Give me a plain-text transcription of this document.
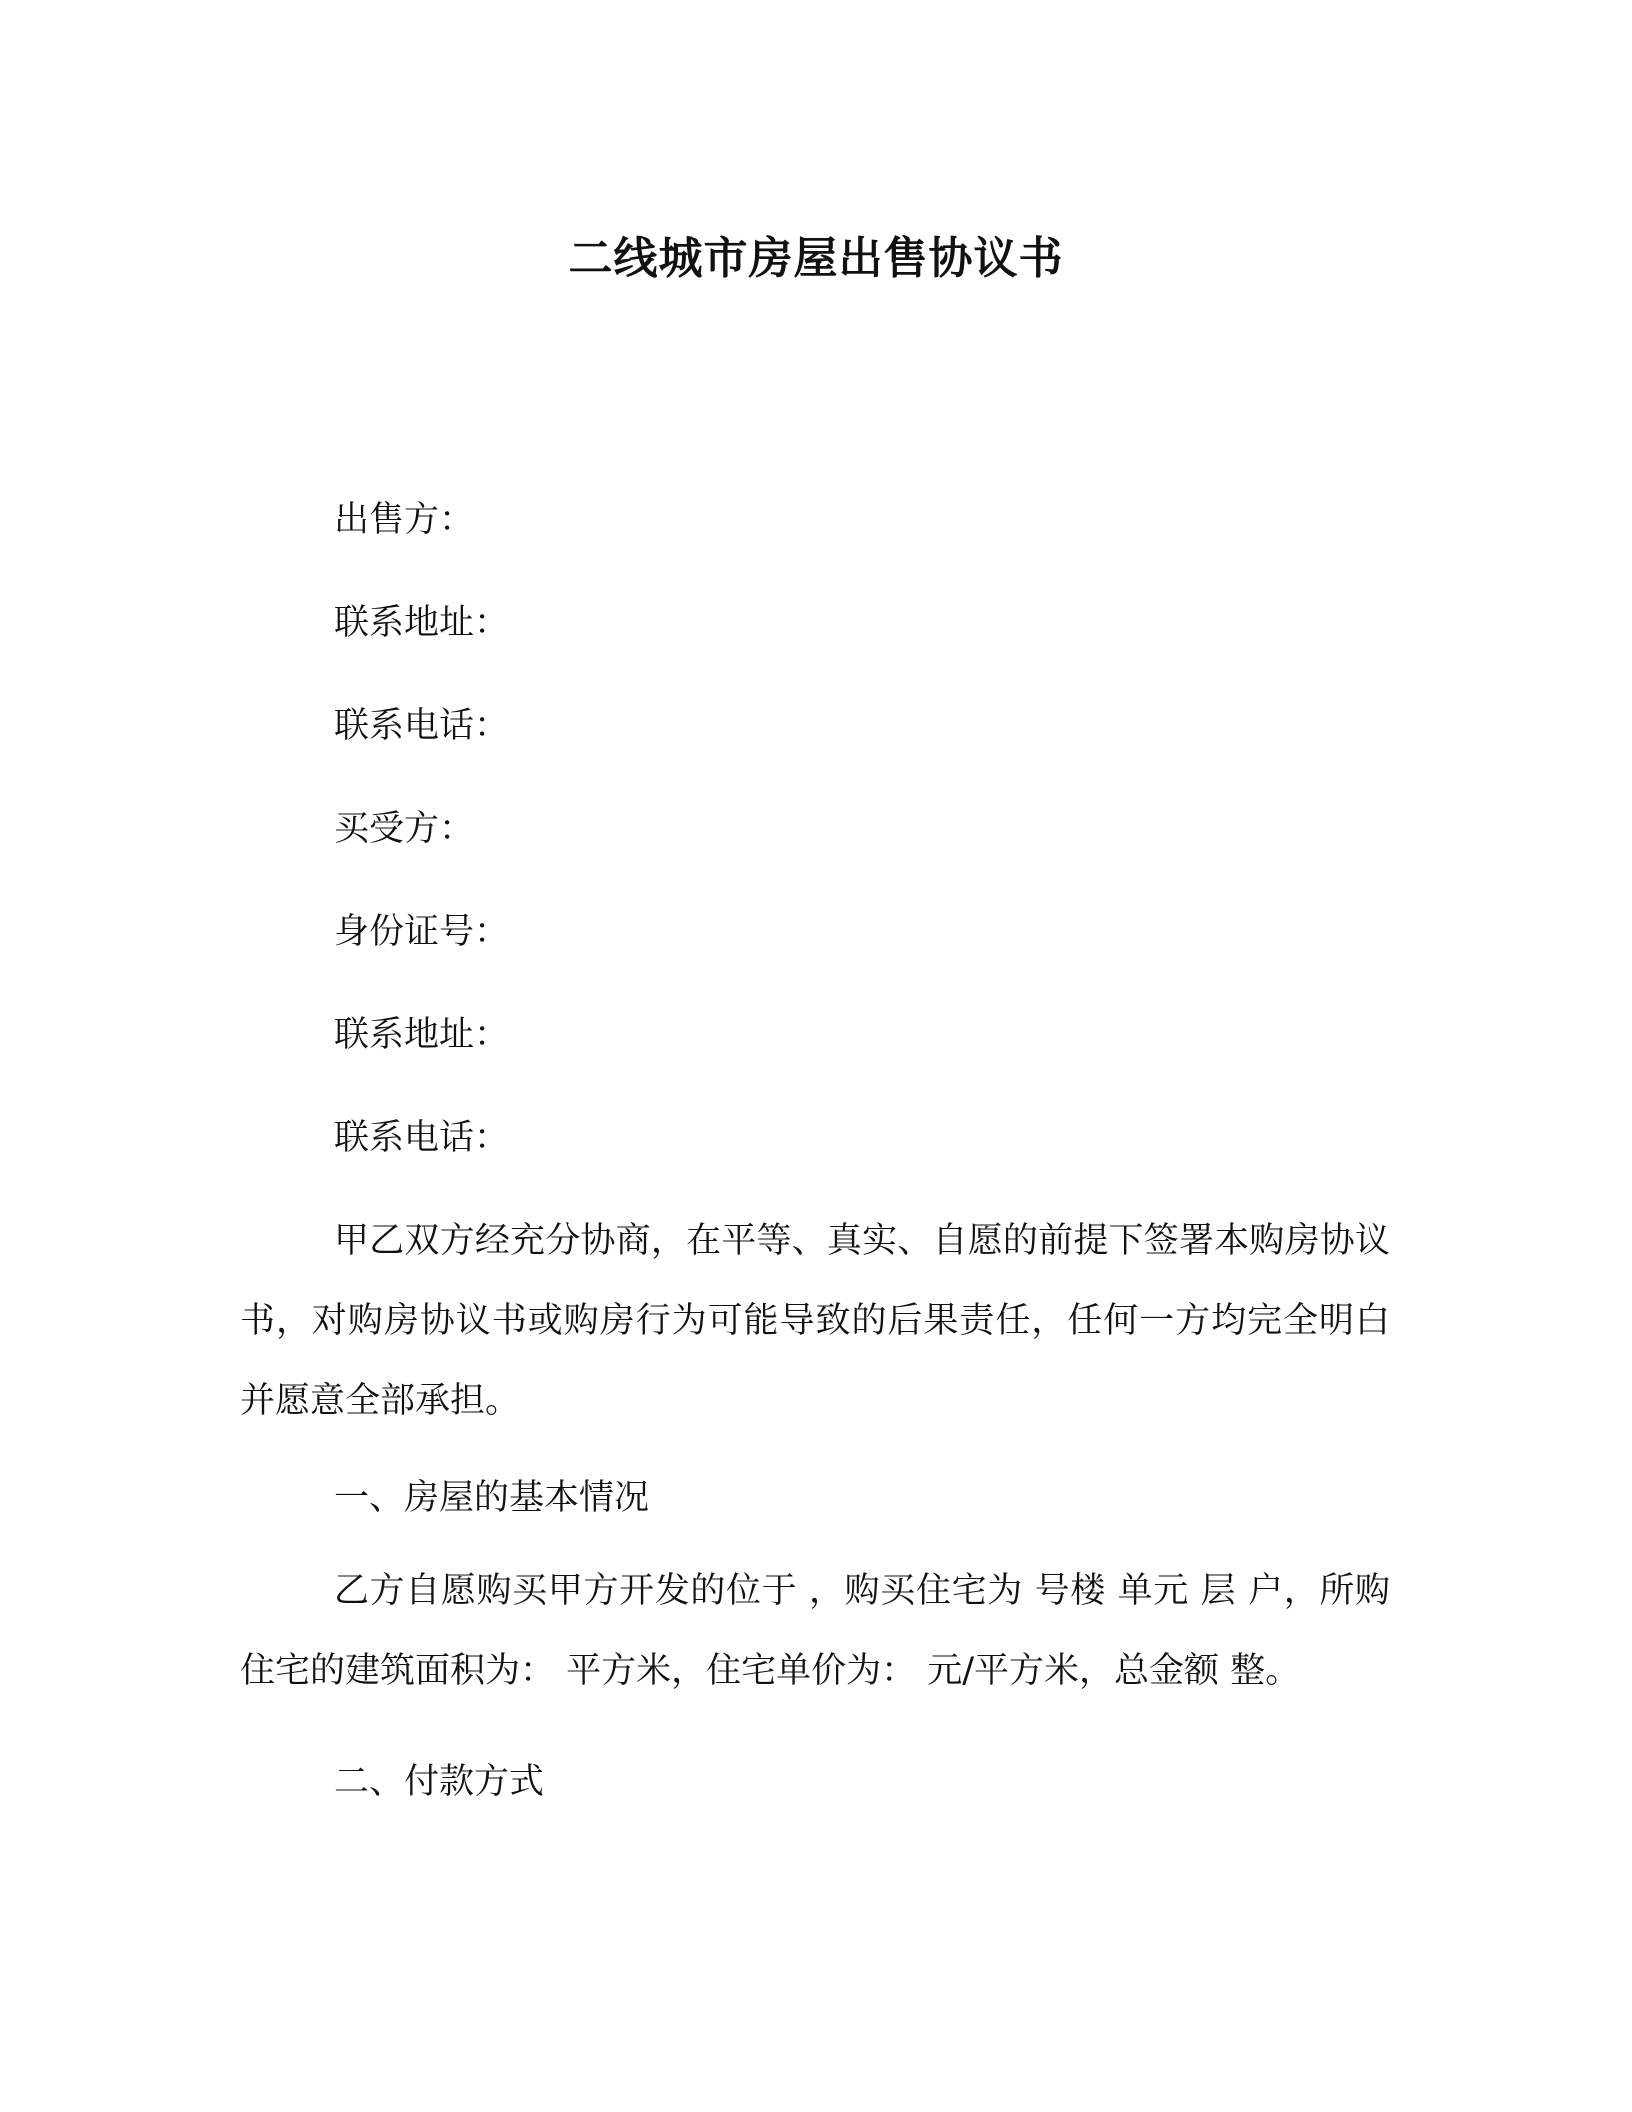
二线城市房屋出售协议书

出售方：

联系地址：

联系电话：

买受方：

身份证号：

联系地址：

联系电话：

甲乙双方经充分协商，在平等、真实、自愿的前提下签署本购房协议书，对购房协议书或购房行为可能导致的后果责任，任何一方均完全明白并愿意全部承担。

一、房屋的基本情况

乙方自愿购买甲方开发的位于 ，购买住宅为 号楼 单元 层 户，所购住宅的建筑面积为： 平方米，住宅单价为： 元/平方米，总金额 整。

二、付款方式
